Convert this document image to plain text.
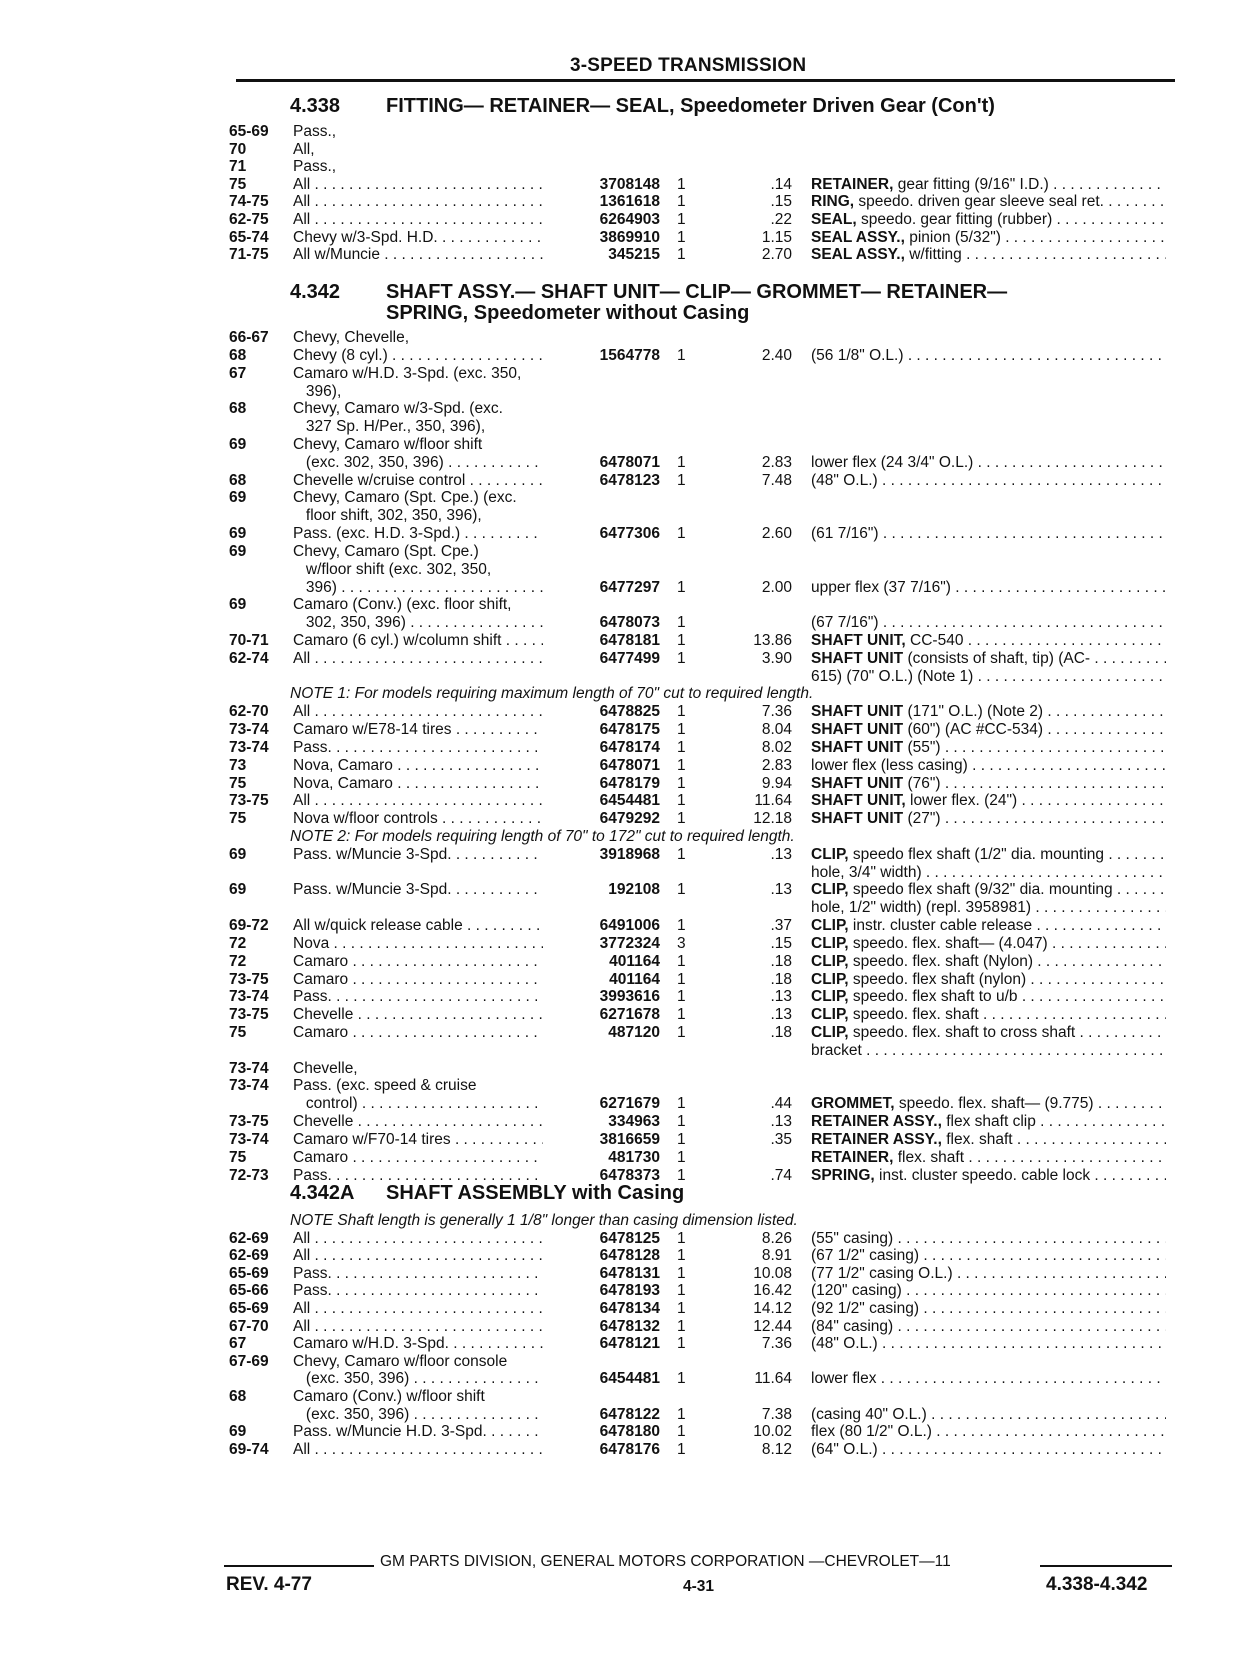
3-SPEED TRANSMISSION
4.338 FITTING— RETAINER— SEAL, Speedometer Driven Gear (Con't)
65-69 Pass.,
70	All,
71	Pass.,
75	All . . .	3708148 1	.14 RETAINER, gear fitting (9/16" I.D.) . . .
74-75 All . . .	1361618 1	.15 RING, speedo. driven gear sleeve seal ret. . . .
62-75 All . . .	6264903 1	.22 SEAL, speedo. gear fitting (rubber) . . .
65-74 Chevy w/3-Spd. H.D. . . .	3869910 1	1.15 SEAL ASSY., pinion (5/32") . . .
71-75 All w/Muncie . . .	345215 1	2.70 SEAL ASSY., w/fitting . . .
4.342 SHAFT ASSY.— SHAFT UNIT— CLIP— GROMMET— RETAINER—
SPRING, Speedometer without Casing
66-67 Chevy, Chevelle,
68	Chevy (8 cyl.) . . .	1564778 1	2.40 (56 1/8" O.L.) . . .
67	Camaro w/H.D. 3-Spd. (exc. 350,
396),
68	Chevy, Camaro w/3-Spd. (exc.
327 Sp. H/Per., 350, 396),
69	Chevy, Camaro w/floor shift
(exc. 302, 350, 396) . . .	6478071 1	2.83 lower flex (24 3/4" O.L.) . . .
68	Chevelle w/cruise control . . .	6478123 1	7.48 (48" O.L.) . . .
69	Chevy, Camaro (Spt. Cpe.) (exc.
floor shift, 302, 350, 396),
69	Pass. (exc. H.D. 3-Spd.) . . .	6477306 1	2.60 (61 7/16") . . .
69	Chevy, Camaro (Spt. Cpe.)
w/floor shift (exc. 302, 350,
396) . . .	6477297 1	2.00 upper flex (37 7/16") . . .
69	Camaro (Conv.) (exc. floor shift,
302, 350, 396) . . .	6478073 1	(67 7/16") . . .
70-71 Camaro (6 cyl.) w/column shift . . .	6478181 1	13.86 SHAFT UNIT, CC-540 . . .
62-74 All . . .	6477499 1	3.90 SHAFT UNIT (consists of shaft, tip) (AC- . . .
615) (70" O.L.) (Note 1) . . .
NOTE 1: For models requiring maximum length of 70" cut to required length.
62-70 All . . .	6478825 1	7.36 SHAFT UNIT (171" O.L.) (Note 2) . . .
73-74 Camaro w/E78-14 tires . . .	6478175 1	8.04 SHAFT UNIT (60") (AC #CC-534) . . .
73-74 Pass. . . .	6478174 1	8.02 SHAFT UNIT (55") . . .
73	Nova, Camaro . . .	6478071 1	2.83 lower flex (less casing) . . .
75	Nova, Camaro . . .	6478179 1	9.94 SHAFT UNIT (76") . . .
73-75 All . . .	6454481 1	11.64 SHAFT UNIT, lower flex. (24") . . .
75	Nova w/floor controls . . .	6479292 1	12.18 SHAFT UNIT (27") . . .
NOTE 2: For models requiring length of 70" to 172" cut to required length.
69	Pass. w/Muncie 3-Spd. . . .	3918968 1	.13 CLIP, speedo flex shaft (1/2" dia. mounting . . .
hole, 3/4" width) . . .
69	Pass. w/Muncie 3-Spd. . . .	192108 1	.13 CLIP, speedo flex shaft (9/32" dia. mounting . . .
hole, 1/2" width) (repl. 3958981) . . .
69-72 All w/quick release cable . . .	6491006 1	.37 CLIP, instr. cluster cable release . . .
72	Nova . . .	3772324 3	.15 CLIP, speedo. flex. shaft— (4.047) . . .
72	Camaro . . .	401164 1	.18 CLIP, speedo. flex. shaft (Nylon) . . .
73-75 Camaro . . .	401164 1	.18 CLIP, speedo. flex shaft (nylon) . . .
73-74 Pass. . . .	3993616 1	.13 CLIP, speedo. flex shaft to u/b . . .
73-75 Chevelle . . .	6271678 1	.13 CLIP, speedo. flex. shaft . . .
75	Camaro . . .	487120 1	.18 CLIP, speedo. flex. shaft to cross shaft . . .
bracket . . .
73-74 Chevelle,
73-74 Pass. (exc. speed & cruise
control) . . .	6271679 1	.44 GROMMET, speedo. flex. shaft— (9.775) . . .
73-75 Chevelle . . .	334963 1	.13 RETAINER ASSY., flex shaft clip . . .
73-74 Camaro w/F70-14 tires . . .	3816659 1	.35 RETAINER ASSY., flex. shaft . . .
75	Camaro . . .	481730 1	RETAINER, flex. shaft . . .
72-73 Pass. . . .	6478373 1	.74 SPRING, inst. cluster speedo. cable lock . . .
4.342A SHAFT ASSEMBLY with Casing
NOTE Shaft length is generally 1 1/8" longer than casing dimension listed.
62-69 All . . .	6478125 1	8.26 (55" casing) . . .
62-69 All . . .	6478128 1	8.91 (67 1/2" casing) . . .
65-69 Pass. . . .	6478131 1	10.08 (77 1/2" casing O.L.) . . .
65-66 Pass. . . .	6478193 1	16.42 (120" casing) . . .
65-69 All . . .	6478134 1	14.12 (92 1/2" casing) . . .
67-70 All . . .	6478132 1	12.44 (84" casing) . . .
67	Camaro w/H.D. 3-Spd. . . .	6478121 1	7.36 (48" O.L.) . . .
67-69 Chevy, Camaro w/floor console
(exc. 350, 396) . . .	6454481 1	11.64 lower flex . . .
68	Camaro (Conv.) w/floor shift
(exc. 350, 396) . . .	6478122 1	7.38 (casing 40" O.L.) . . .
69	Pass. w/Muncie H.D. 3-Spd. . . .	6478180 1	10.02 flex (80 1/2" O.L.) . . .
69-74 All . . .	6478176 1	8.12 (64" O.L.) . . .
GM PARTS DIVISION, GENERAL MOTORS CORPORATION —CHEVROLET—11
REV. 4-77	4-31	4.338-4.342
